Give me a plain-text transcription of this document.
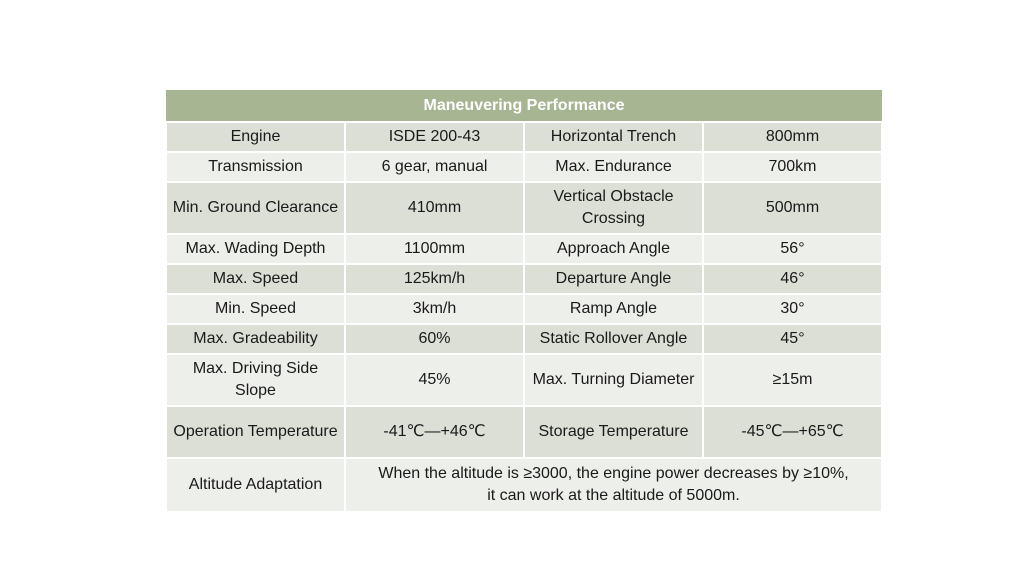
Maneuvering Performance			
Engine	ISDE 200-43	Horizontal Trench	800mm
Transmission	6 gear, manual	Max. Endurance	700km
Min. Ground Clearance	410mm	Vertical Obstacle Crossing	500mm
Max. Wading Depth	1100mm	Approach Angle	56°
Max. Speed	125km/h	Departure Angle	46°
Min. Speed	3km/h	Ramp Angle	30°
Max. Gradeability	60%	Static Rollover Angle	45°
Max. Driving Side Slope	45%	Max. Turning Diameter	≥15m
Operation Temperature	-41℃—+46℃	Storage Temperature	-45℃—+65℃
Altitude Adaptation	When the altitude is ≥3000, the engine power decreases by ≥10%,
it can work at the altitude of 5000m.		
